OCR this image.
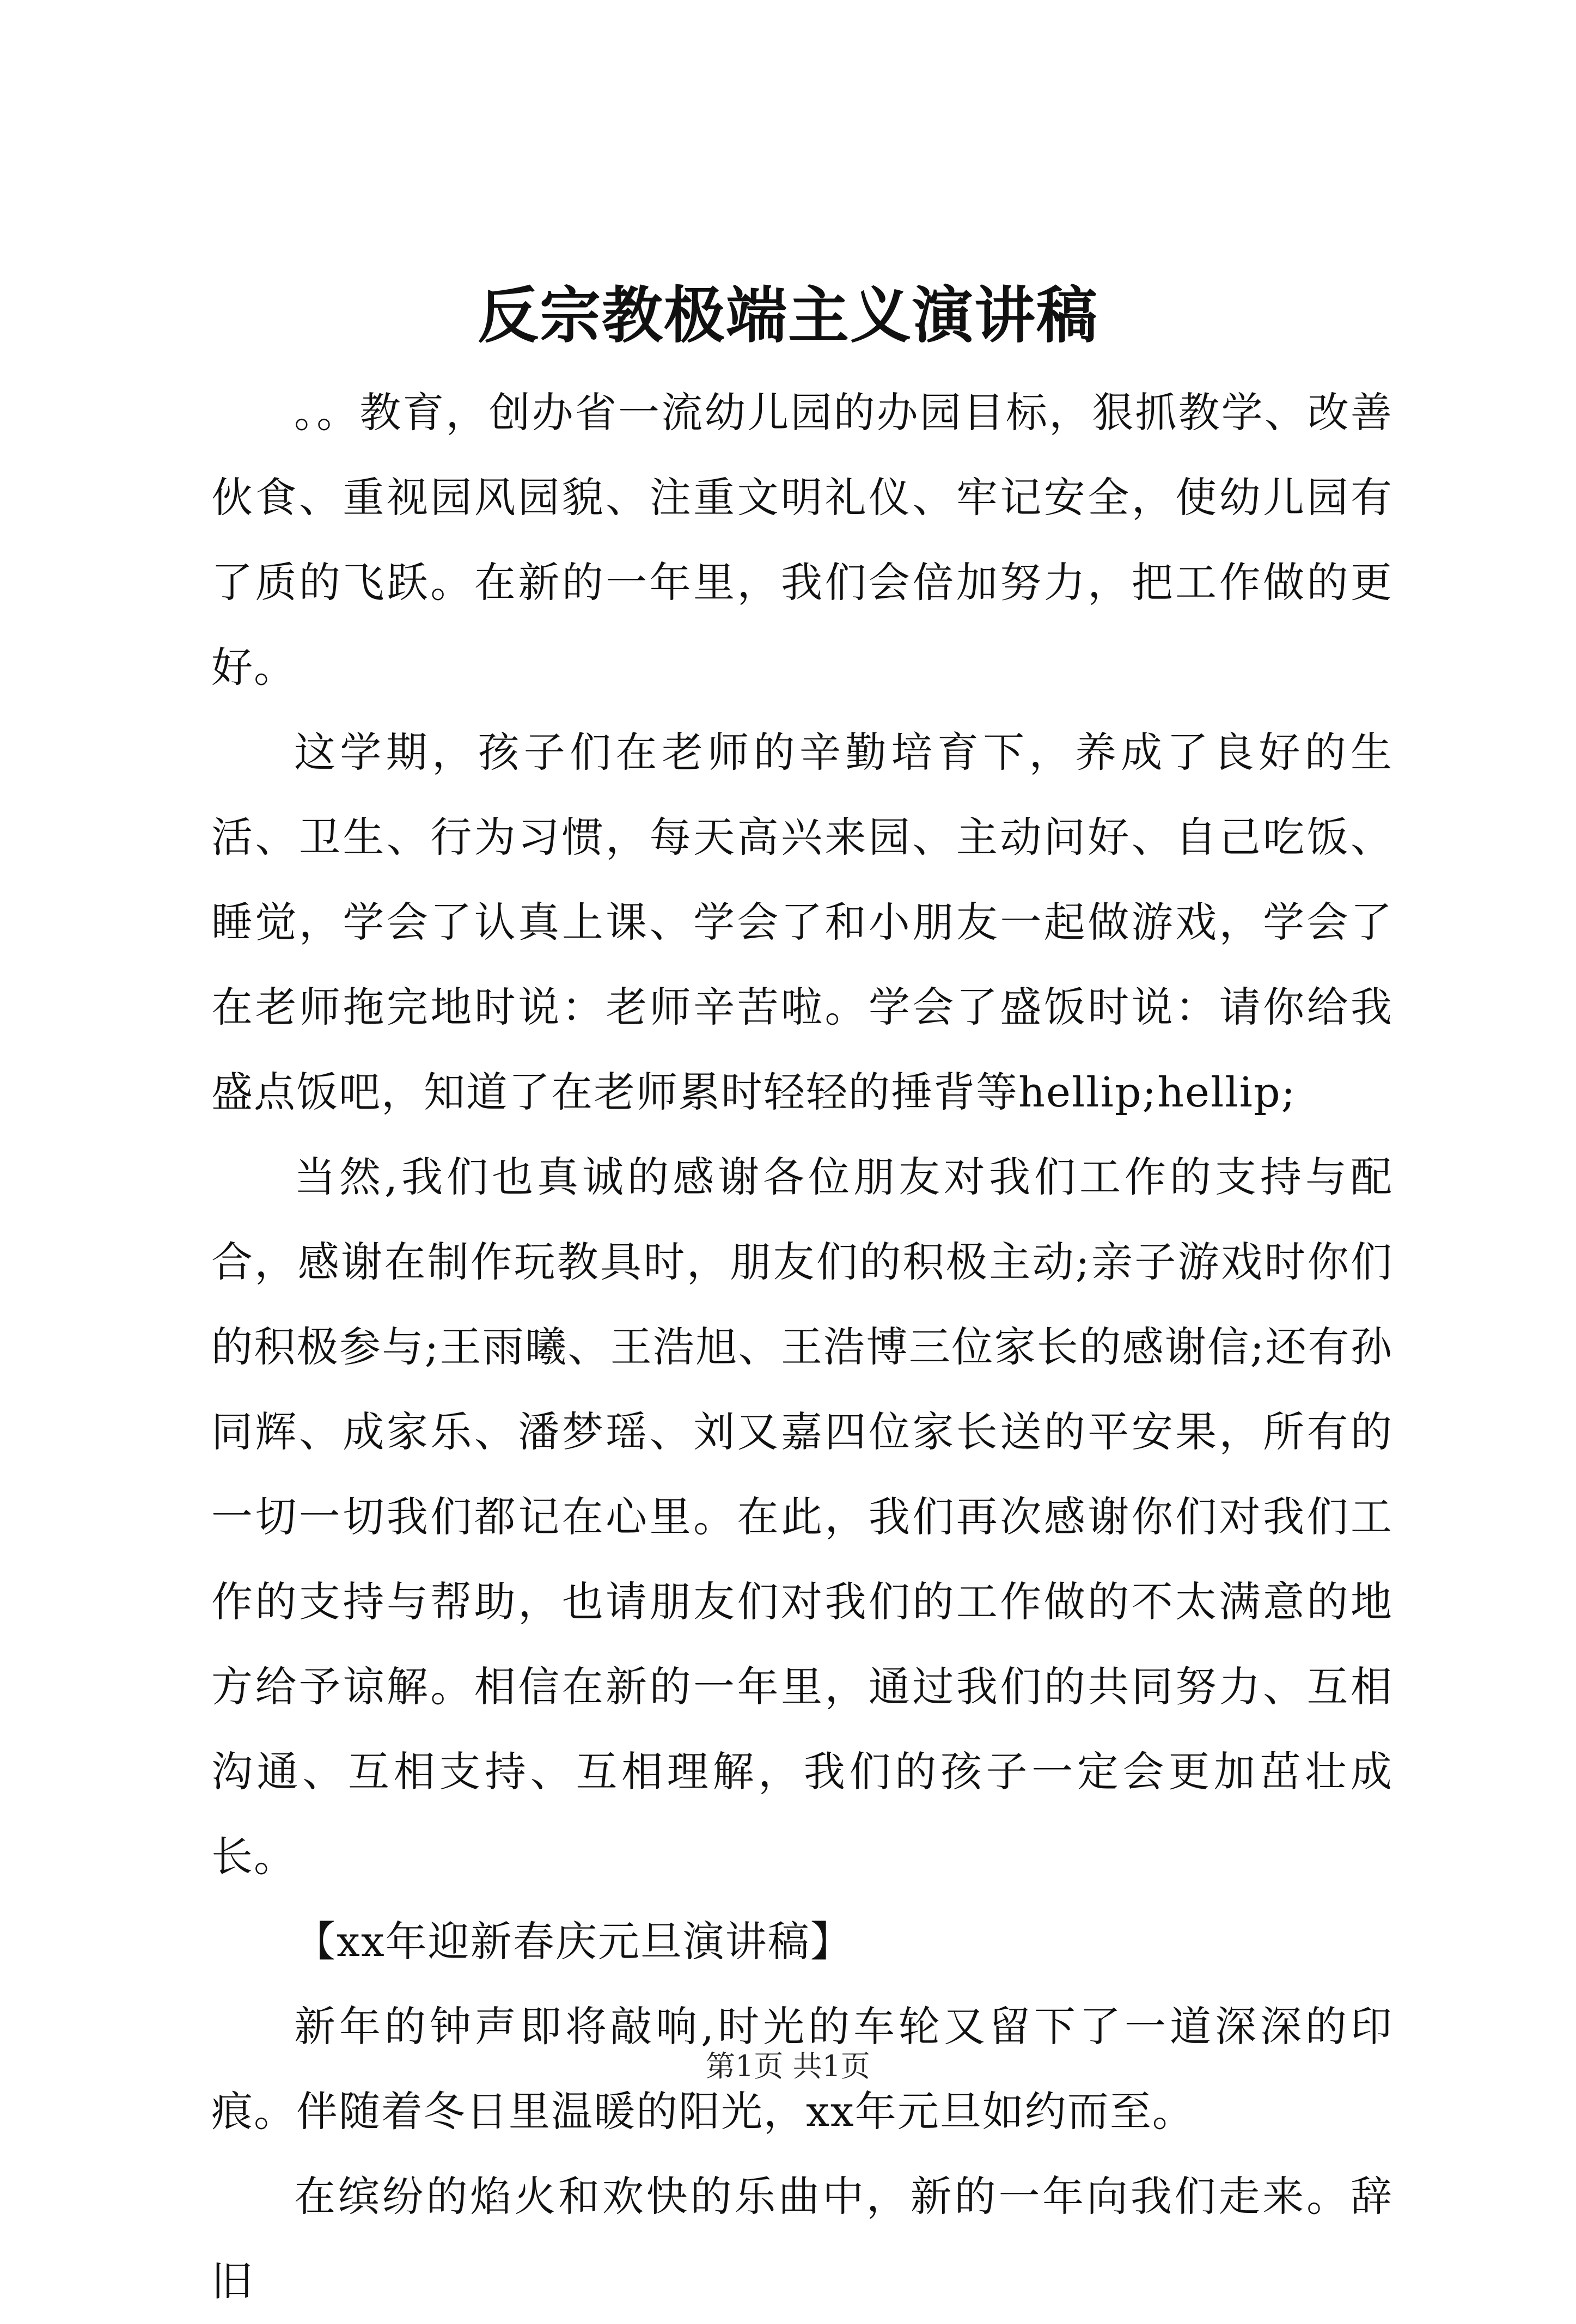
反宗教极端主义演讲稿

。。教育，创办省一流幼儿园的办园目标，狠抓教学、改善伙食、重视园风园貌、注重文明礼仪、牢记安全，使幼儿园有了质的飞跃。在新的一年里，我们会倍加努力，把工作做的更好。

这学期，孩子们在老师的辛勤培育下，养成了良好的生活、卫生、行为习惯，每天高兴来园、主动问好、自己吃饭、睡觉，学会了认真上课、学会了和小朋友一起做游戏，学会了在老师拖完地时说：老师辛苦啦。学会了盛饭时说：请你给我盛点饭吧，知道了在老师累时轻轻的捶背等hellip;hellip;

当然,我们也真诚的感谢各位朋友对我们工作的支持与配合，感谢在制作玩教具时，朋友们的积极主动;亲子游戏时你们的积极参与;王雨曦、王浩旭、王浩博三位家长的感谢信;还有孙同辉、成家乐、潘梦瑶、刘又嘉四位家长送的平安果，所有的一切一切我们都记在心里。在此，我们再次感谢你们对我们工作的支持与帮助，也请朋友们对我们的工作做的不太满意的地方给予谅解。相信在新的一年里，通过我们的共同努力、互相沟通、互相支持、互相理解，我们的孩子一定会更加茁壮成长。

【xx年迎新春庆元旦演讲稿】

新年的钟声即将敲响,时光的车轮又留下了一道深深的印痕。伴随着冬日里温暖的阳光，xx年元旦如约而至。

在缤纷的焰火和欢快的乐曲中，新的一年向我们走来。辞旧

第1页 共1页
